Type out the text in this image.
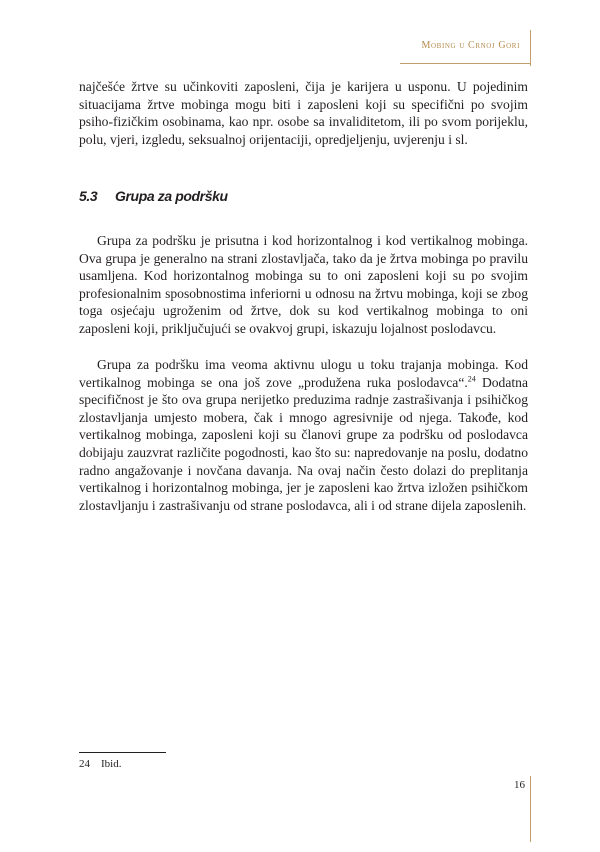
Mobing u Crnoj Gori

najčešće žrtve su učinkoviti zaposleni, čija je karijera u usponu. U pojedinim situacijama žrtve mobinga mogu biti i zaposleni koji su specifični po svojim psiho-fizičkim osobinama, kao npr. osobe sa invaliditetom, ili po svom porijeklu, polu, vjeri, izgledu, seksualnoj orijentaciji, opredjeljenju, uvjerenju i sl.

5.3 Grupa za podršku

Grupa za podršku je prisutna i kod horizontalnog i kod vertikalnog mobinga. Ova grupa je generalno na strani zlostavljača, tako da je žrtva mobinga po pravilu usamljena. Kod horizontalnog mobinga su to oni zaposleni koji su po svojim profesionalnim sposobnostima inferiorni u odnosu na žrtvu mobinga, koji se zbog toga osjećaju ugroženim od žrtve, dok su kod vertikalnog mobinga to oni zaposleni koji, priključujući se ovakvoj grupi, iskazuju lojalnost poslodavcu.

Grupa za podršku ima veoma aktivnu ulogu u toku trajanja mobinga. Kod vertikalnog mobinga se ona još zove „produžena ruka poslodavca“.$^{24}$ Dodatna specifičnost je što ova grupa nerijetko preduzima radnje zastrašivanja i psihičkog zlostavljanja umjesto mobera, čak i mnogo agresivnije od njega. Takođe, kod vertikalnog mobinga, zaposleni koji su članovi grupe za podršku od poslodavca dobijaju zauzvrat različite pogodnosti, kao što su: napredovanje na poslu, dodatno radno angažovanje i novčana davanja. Na ovaj način često dolazi do preplitanja vertikalnog i horizontalnog mobinga, jer je zaposleni kao žrtva izložen psihičkom zlostavljanju i zastrašivanju od strane poslodavca, ali i od strane dijela zaposlenih.

24 Ibid.
16
